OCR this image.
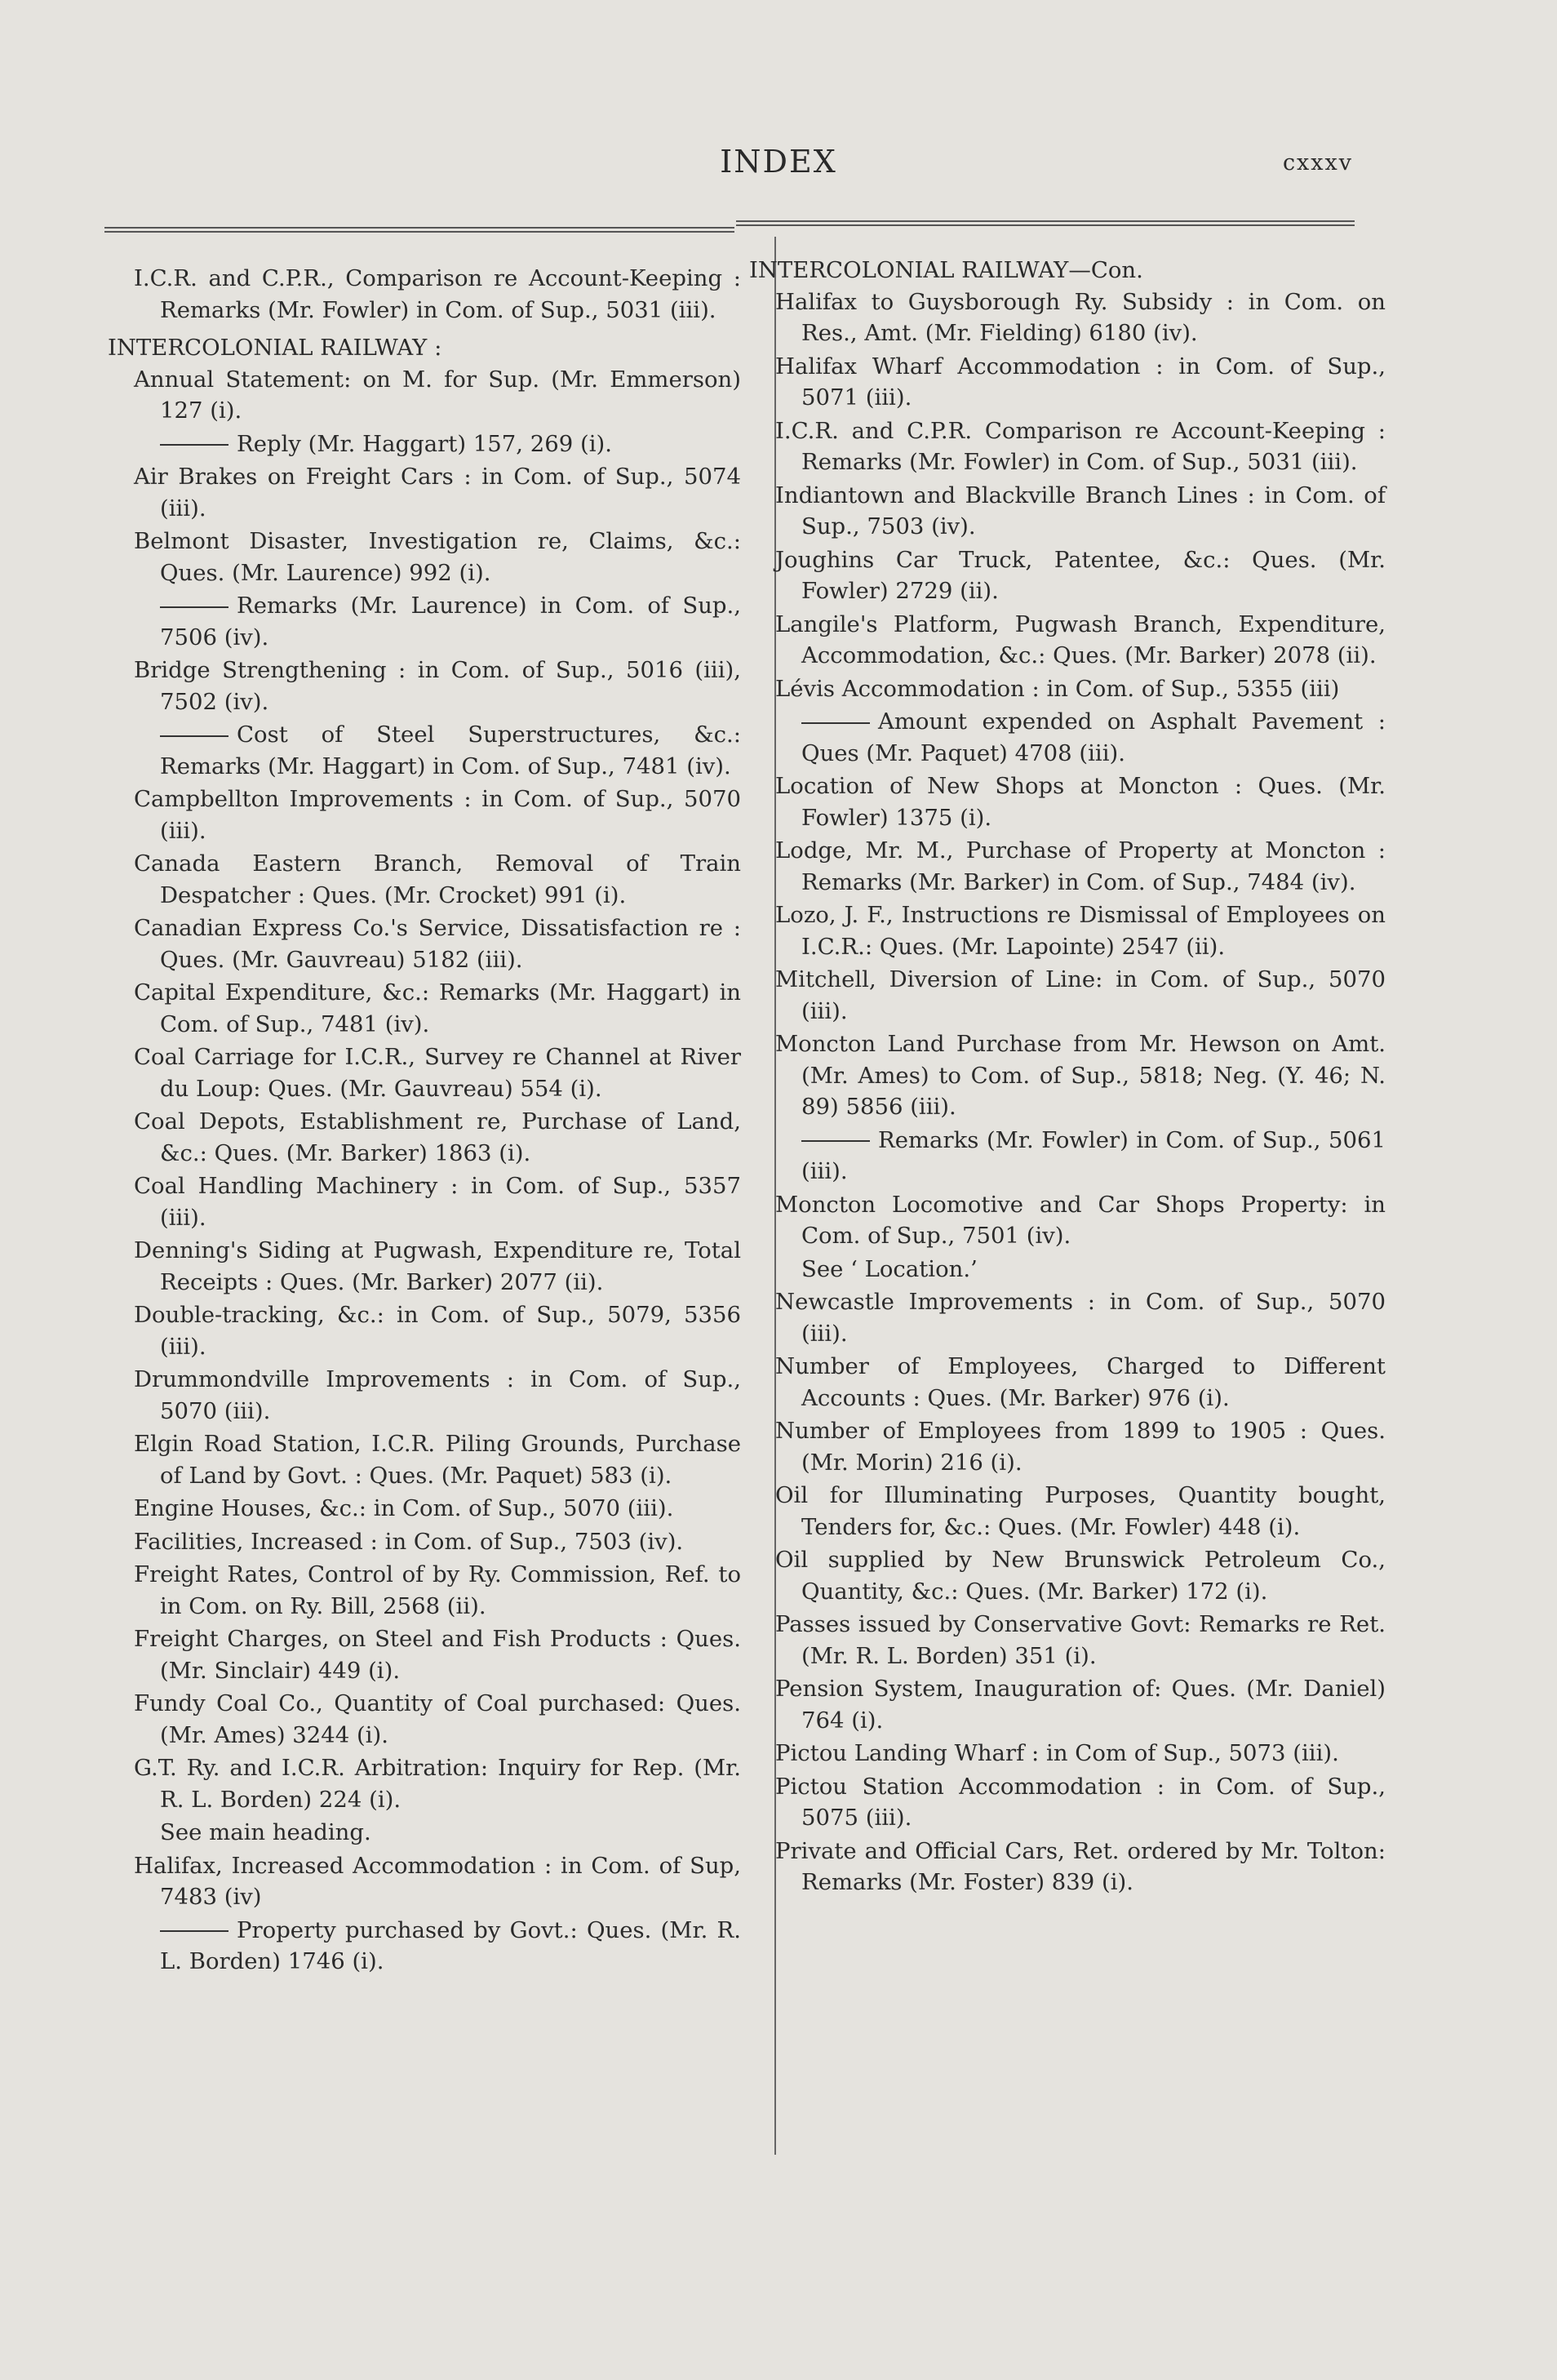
INDEX	cxxxv
I.C.R. and C.P.R., Comparison re Account-Keeping : Remarks (Mr. Fowler) in Com. of Sup., 5031 (iii).
INTERCOLONIAL RAILWAY :
Annual Statement: on M. for Sup. (Mr. Emmerson) 127 (i).
Reply (Mr. Haggart) 157, 269 (i).
Air Brakes on Freight Cars : in Com. of Sup., 5074 (iii).
Belmont Disaster, Investigation re, Claims, &c.: Ques. (Mr. Laurence) 992 (i).
Remarks (Mr. Laurence) in Com. of Sup., 7506 (iv).
Bridge Strengthening : in Com. of Sup., 5016 (iii), 7502 (iv).
Cost of Steel Superstructures, &c.: Remarks (Mr. Haggart) in Com. of Sup., 7481 (iv).
Campbellton Improvements : in Com. of Sup., 5070 (iii).
Canada Eastern Branch, Removal of Train Despatcher : Ques. (Mr. Crocket) 991 (i).
Canadian Express Co.'s Service, Dissatisfaction re : Ques. (Mr. Gauvreau) 5182 (iii).
Capital Expenditure, &c.: Remarks (Mr. Haggart) in Com. of Sup., 7481 (iv).
Coal Carriage for I.C.R., Survey re Channel at River du Loup: Ques. (Mr. Gauvreau) 554 (i).
Coal Depots, Establishment re, Purchase of Land, &c.: Ques. (Mr. Barker) 1863 (i).
Coal Handling Machinery : in Com. of Sup., 5357 (iii).
Denning's Siding at Pugwash, Expenditure re, Total Receipts : Ques. (Mr. Barker) 2077 (ii).
Double-tracking, &c.: in Com. of Sup., 5079, 5356 (iii).
Drummondville Improvements : in Com. of Sup., 5070 (iii).
Elgin Road Station, I.C.R. Piling Grounds, Purchase of Land by Govt. : Ques. (Mr. Paquet) 583 (i).
Engine Houses, &c.: in Com. of Sup., 5070 (iii).
Facilities, Increased : in Com. of Sup., 7503 (iv).
Freight Rates, Control of by Ry. Commission, Ref. to in Com. on Ry. Bill, 2568 (ii).
Freight Charges, on Steel and Fish Products : Ques. (Mr. Sinclair) 449 (i).
Fundy Coal Co., Quantity of Coal purchased: Ques. (Mr. Ames) 3244 (i).
G.T. Ry. and I.C.R. Arbitration: Inquiry for Rep. (Mr. R. L. Borden) 224 (i).
See main heading.
Halifax, Increased Accommodation : in Com. of Sup, 7483 (iv)
Property purchased by Govt.: Ques. (Mr. R. L. Borden) 1746 (i).
INTERCOLONIAL RAILWAY—Con.
Halifax to Guysborough Ry. Subsidy : in Com. on Res., Amt. (Mr. Fielding) 6180 (iv).
Halifax Wharf Accommodation : in Com. of Sup., 5071 (iii).
I.C.R. and C.P.R. Comparison re Account-Keeping : Remarks (Mr. Fowler) in Com. of Sup., 5031 (iii).
Indiantown and Blackville Branch Lines : in Com. of Sup., 7503 (iv).
Joughins Car Truck, Patentee, &c.: Ques. (Mr. Fowler) 2729 (ii).
Langile's Platform, Pugwash Branch, Expenditure, Accommodation, &c.: Ques. (Mr. Barker) 2078 (ii).
Lévis Accommodation : in Com. of Sup., 5355 (iii)
Amount expended on Asphalt Pavement : Ques (Mr. Paquet) 4708 (iii).
Location of New Shops at Moncton : Ques. (Mr. Fowler) 1375 (i).
Lodge, Mr. M., Purchase of Property at Moncton : Remarks (Mr. Barker) in Com. of Sup., 7484 (iv).
Lozo, J. F., Instructions re Dismissal of Employees on I.C.R.: Ques. (Mr. Lapointe) 2547 (ii).
Mitchell, Diversion of Line: in Com. of Sup., 5070 (iii).
Moncton Land Purchase from Mr. Hewson on Amt. (Mr. Ames) to Com. of Sup., 5818; Neg. (Y. 46; N. 89) 5856 (iii).
Remarks (Mr. Fowler) in Com. of Sup., 5061 (iii).
Moncton Locomotive and Car Shops Property: in Com. of Sup., 7501 (iv).
See ‘ Location.’
Newcastle Improvements : in Com. of Sup., 5070 (iii).
Number of Employees, Charged to Different Accounts : Ques. (Mr. Barker) 976 (i).
Number of Employees from 1899 to 1905 : Ques. (Mr. Morin) 216 (i).
Oil for Illuminating Purposes, Quantity bought, Tenders for, &c.: Ques. (Mr. Fowler) 448 (i).
Oil supplied by New Brunswick Petroleum Co., Quantity, &c.: Ques. (Mr. Barker) 172 (i).
Passes issued by Conservative Govt: Remarks re Ret. (Mr. R. L. Borden) 351 (i).
Pension System, Inauguration of: Ques. (Mr. Daniel) 764 (i).
Pictou Landing Wharf : in Com of Sup., 5073 (iii).
Pictou Station Accommodation : in Com. of Sup., 5075 (iii).
Private and Official Cars, Ret. ordered by Mr. Tolton: Remarks (Mr. Foster) 839 (i).
